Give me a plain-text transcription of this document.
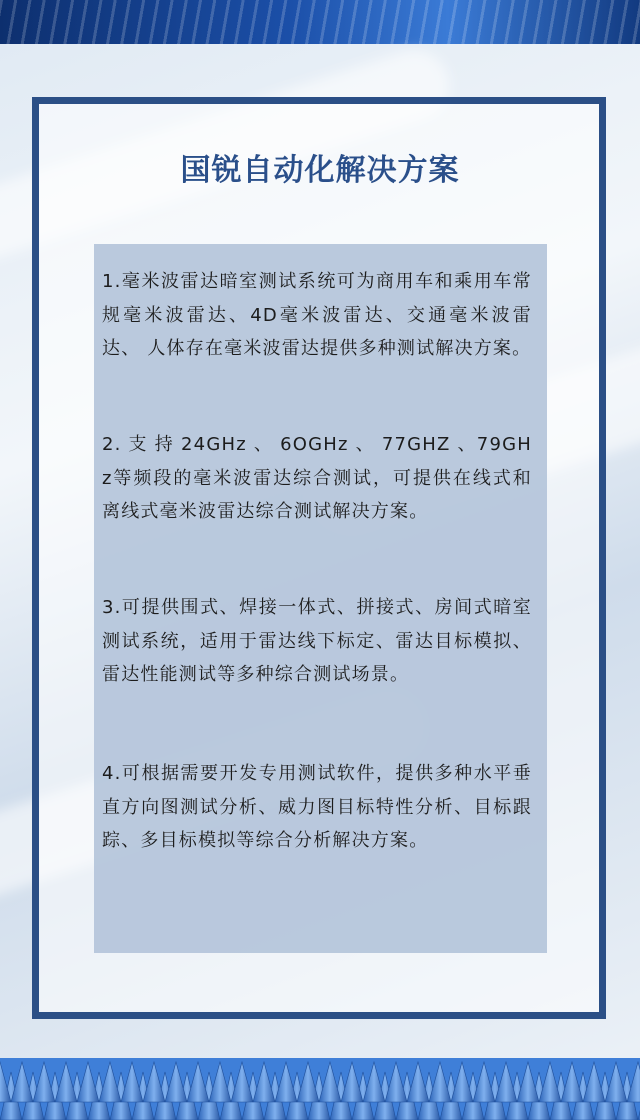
国锐自动化解决方案
1.毫米波雷达暗室测试系统可为商用车和乘用车常规毫米波雷达、4D毫米波雷达、交通毫米波雷达、 人体存在毫米波雷达提供多种测试解决方案。
2. 支 持 24GHz 、 6OGHz 、 77GHZ 、79GHz等频段的毫米波雷达综合测试，可提供在线式和离线式毫米波雷达综合测试解决方案。
3.可提供围式、焊接一体式、拼接式、房间式暗室测试系统，适用于雷达线下标定、雷达目标模拟、雷达性能测试等多种综合测试场景。
4.可根据需要开发专用测试软件，提供多种水平垂直方向图测试分析、威力图目标特性分析、目标跟 踪、多目标模拟等综合分析解决方案。
